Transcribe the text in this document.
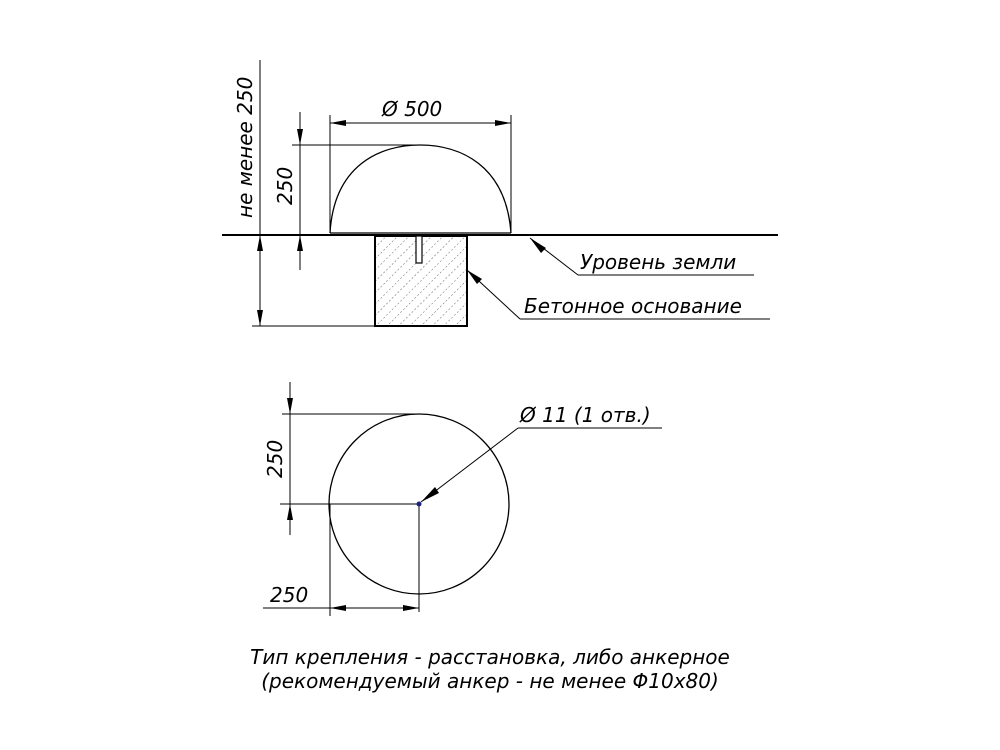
Ø 500
250
не менее 250
Уровень земли
Бетонное основание
250
250
Ø 11 (1 отв.)
Тип крепления - расстановка, либо анкерное
(рекомендуемый анкер - не менее Φ10х80)
